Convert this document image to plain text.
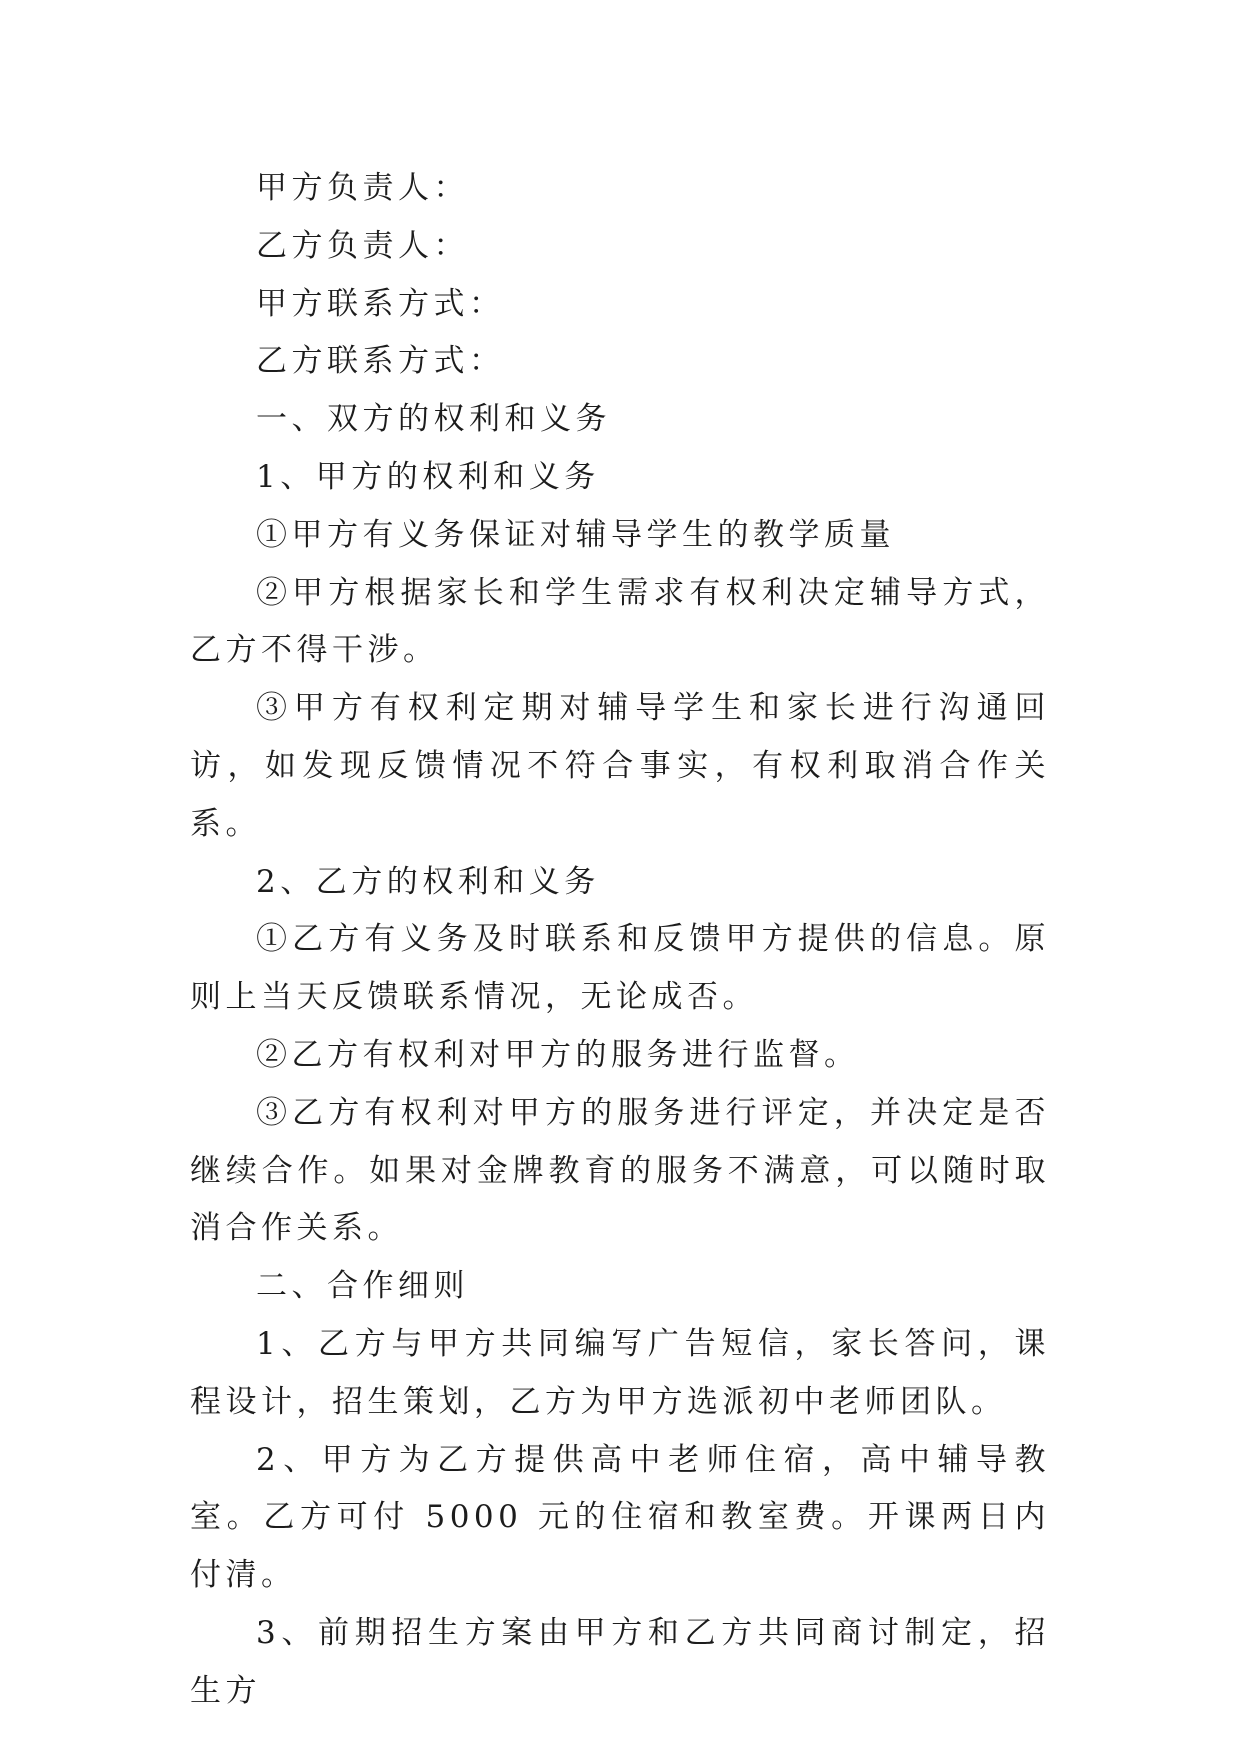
甲方负责人：

乙方负责人：

甲方联系方式：

乙方联系方式：

一、双方的权利和义务

1、甲方的权利和义务

①甲方有义务保证对辅导学生的教学质量

②甲方根据家长和学生需求有权利决定辅导方式，乙方不得干涉。

③甲方有权利定期对辅导学生和家长进行沟通回访，如发现反馈情况不符合事实，有权利取消合作关系。

2、乙方的权利和义务

①乙方有义务及时联系和反馈甲方提供的信息。原则上当天反馈联系情况，无论成否。

②乙方有权利对甲方的服务进行监督。

③乙方有权利对甲方的服务进行评定，并决定是否继续合作。如果对金牌教育的服务不满意，可以随时取消合作关系。

二、合作细则

1、乙方与甲方共同编写广告短信，家长答问，课程设计，招生策划，乙方为甲方选派初中老师团队。

2、甲方为乙方提供高中老师住宿，高中辅导教室。乙方可付 5000 元的住宿和教室费。开课两日内付清。

3、前期招生方案由甲方和乙方共同商讨制定，招生方
